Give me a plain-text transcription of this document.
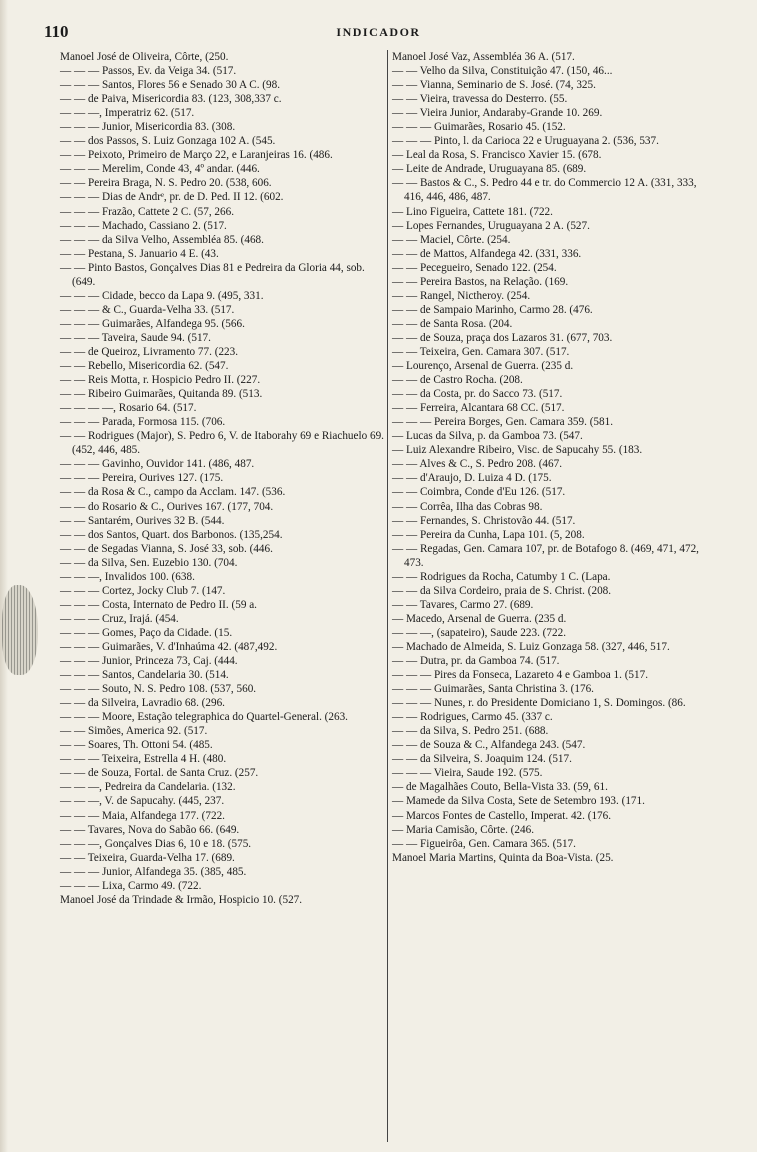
110	INDICADOR

Manoel José de Oliveira, Côrte, (250.

— — — Passos, Ev. da Veiga 34. (517.

— — — Santos, Flores 56 e Senado 30 A C. (98.

— — de Paiva, Misericordia 83. (123, 308,337 c.

— — —, Imperatriz 62. (517.

— — — Junior, Misericordia 83. (308.

— — dos Passos, S. Luiz Gonzaga 102 A. (545.

— — Peixoto, Primeiro de Março 22, e Laranjeiras 16. (486.

— — — Merelim, Conde 43, 4º andar. (446.

— — Pereira Braga, N. S. Pedro 20. (538, 606.

— — — Dias de Andrᵉ, pr. de D. Ped. II 12. (602.

— — — Frazão, Cattete 2 C. (57, 266.

— — — Machado, Cassiano 2. (517.

— — — da Silva Velho, Assembléa 85. (468.

— — Pestana, S. Januario 4 E. (43.

— — Pinto Bastos, Gonçalves Dias 81 e Pedreira da Gloria 44, sob. (649.

— — — Cidade, becco da Lapa 9. (495, 331.

— — — & C., Guarda-Velha 33. (517.

— — — Guimarães, Alfandega 95. (566.

— — — Taveira, Saude 94. (517.

— — de Queiroz, Livramento 77. (223.

— — Rebello, Misericordia 62. (547.

— — Reis Motta, r. Hospicio Pedro II. (227.

— — Ribeiro Guimarães, Quitanda 89. (513.

— — — —, Rosario 64. (517.

— — — Parada, Formosa 115. (706.

— — Rodrigues (Major), S. Pedro 6, V. de Itaborahy 69 e Riachuelo 69. (452, 446, 485.

— — — Gavinho, Ouvidor 141. (486, 487.

— — — Pereira, Ourives 127. (175.

— — da Rosa & C., campo da Acclam. 147. (536.

— — do Rosario & C., Ourives 167. (177, 704.

— — Santarém, Ourives 32 B. (544.

— — dos Santos, Quart. dos Barbonos. (135,254.

— — de Segadas Vianna, S. José 33, sob. (446.

— — da Silva, Sen. Euzebio 130. (704.

— — —, Invalidos 100. (638.

— — — Cortez, Jocky Club 7. (147.

— — — Costa, Internato de Pedro II. (59 a.

— — — Cruz, Irajá. (454.

— — — Gomes, Paço da Cidade. (15.

— — — Guimarães, V. d'Inhaúma 42. (487,492.

— — — Junior, Princeza 73, Caj. (444.

— — — Santos, Candelaria 30. (514.

— — — Souto, N. S. Pedro 108. (537, 560.

— — da Silveira, Lavradio 68. (296.

— — — Moore, Estação telegraphica do Quartel-General. (263.

— — Simões, America 92. (517.

— — Soares, Th. Ottoni 54. (485.

— — — Teixeira, Estrella 4 H. (480.

— — de Souza, Fortal. de Santa Cruz. (257.

— — —, Pedreira da Candelaria. (132.

— — —, V. de Sapucahy. (445, 237.

— — — Maia, Alfandega 177. (722.

— — Tavares, Nova do Sabão 66. (649.

— — —, Gonçalves Dias 6, 10 e 18. (575.

— — Teixeira, Guarda-Velha 17. (689.

— — — Junior, Alfandega 35. (385, 485.

— — — Lixa, Carmo 49. (722.

Manoel José da Trindade & Irmão, Hospicio 10. (527.

Manoel José Vaz, Assembléa 36 A. (517.

— — Velho da Silva, Constituição 47. (150, 46...

— — Vianna, Seminario de S. José. (74, 325.

— — Vieira, travessa do Desterro. (55.

— — Vieira Junior, Andaraby-Grande 10. 269.

— — — Guimarães, Rosario 45. (152.

— — — Pinto, l. da Carioca 22 e Uruguayana 2. (536, 537.

— Leal da Rosa, S. Francisco Xavier 15. (678.

— Leite de Andrade, Uruguayana 85. (689.

— — Bastos & C., S. Pedro 44 e tr. do Commercio 12 A. (331, 333, 416, 446, 486, 487.

— Lino Figueira, Cattete 181. (722.

— Lopes Fernandes, Uruguayana 2 A. (527.

— — Maciel, Côrte. (254.

— — de Mattos, Alfandega 42. (331, 336.

— — Pecegueiro, Senado 122. (254.

— — Pereira Bastos, na Relação. (169.

— — Rangel, Nictheroy. (254.

— — de Sampaio Marinho, Carmo 28. (476.

— — de Santa Rosa. (204.

— — de Souza, praça dos Lazaros 31. (677, 703.

— — Teixeira, Gen. Camara 307. (517.

— Lourenço, Arsenal de Guerra. (235 d.

— — de Castro Rocha. (208.

— — da Costa, pr. do Sacco 73. (517.

— — Ferreira, Alcantara 68 CC. (517.

— — — Pereira Borges, Gen. Camara 359. (581.

— Lucas da Silva, p. da Gamboa 73. (547.

— Luiz Alexandre Ribeiro, Visc. de Sapucahy 55. (183.

— — Alves & C., S. Pedro 208. (467.

— — d'Araujo, D. Luiza 4 D. (175.

— — Coimbra, Conde d'Eu 126. (517.

— — Corrêa, Ilha das Cobras 98.

— — Fernandes, S. Christovão 44. (517.

— — Pereira da Cunha, Lapa 101. (5, 208.

— — Regadas, Gen. Camara 107, pr. de Botafogo 8. (469, 471, 472, 473.

— — Rodrigues da Rocha, Catumby 1 C. (Lapa.

— — da Silva Cordeiro, praia de S. Christ. (208.

— — Tavares, Carmo 27. (689.

— Macedo, Arsenal de Guerra. (235 d.

— — —, (sapateiro), Saude 223. (722.

— Machado de Almeida, S. Luiz Gonzaga 58. (327, 446, 517.

— — Dutra, pr. da Gamboa 74. (517.

— — — Pires da Fonseca, Lazareto 4 e Gamboa 1. (517.

— — — Guimarães, Santa Christina 3. (176.

— — — Nunes, r. do Presidente Domiciano 1, S. Domingos. (86.

— — Rodrigues, Carmo 45. (337 c.

— — da Silva, S. Pedro 251. (688.

— — de Souza & C., Alfandega 243. (547.

— — da Silveira, S. Joaquim 124. (517.

— — — Vieira, Saude 192. (575.

— de Magalhães Couto, Bella-Vista 33. (59, 61.

— Mamede da Silva Costa, Sete de Setembro 193. (171.

— Marcos Fontes de Castello, Imperat. 42. (176.

— Maria Camisão, Côrte. (246.

— — Figueirôa, Gen. Camara 365. (517.

Manoel Maria Martins, Quinta da Boa-Vista. (25.
